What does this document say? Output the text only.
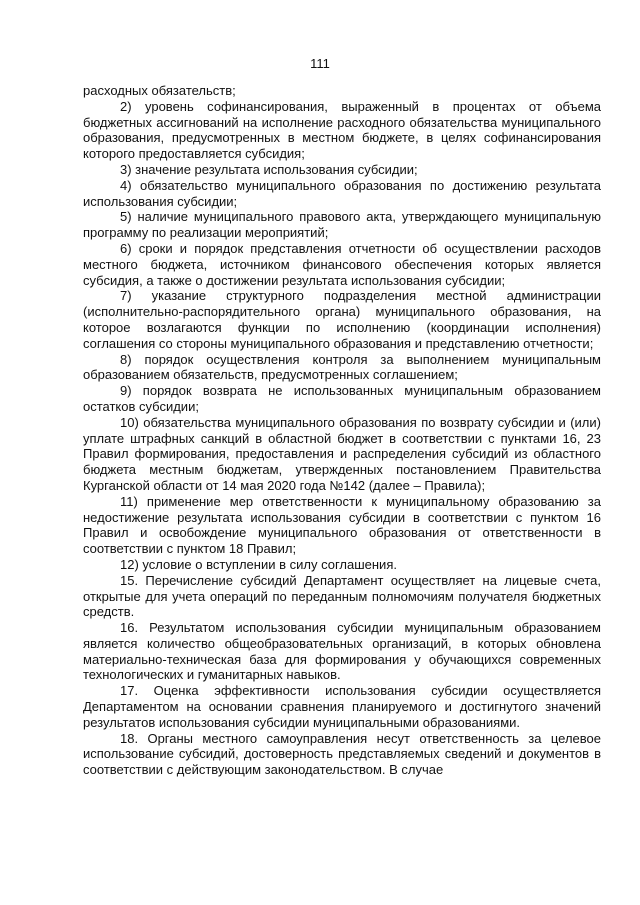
111

расходных обязательств;

2) уровень софинансирования, выраженный в процентах от объема бюджетных ассигнований на исполнение расходного обязательства муниципального образования, предусмотренных в местном бюджете, в целях софинансирования которого предоставляется субсидия;

3) значение результата использования субсидии;

4) обязательство муниципального образования по достижению результата использования субсидии;

5) наличие муниципального правового акта, утверждающего муниципальную программу по реализации мероприятий;

6) сроки и порядок представления отчетности об осуществлении расходов местного бюджета, источником финансового обеспечения которых является субсидия, а также о достижении результата использования субсидии;

7) указание структурного подразделения местной администрации (исполнительно-распорядительного органа) муниципального образования, на которое возлагаются функции по исполнению (координации исполнения) соглашения со стороны муниципального образования и представлению отчетности;

8) порядок осуществления контроля за выполнением муниципальным образованием обязательств, предусмотренных соглашением;

9) порядок возврата не использованных муниципальным образованием остатков субсидии;

10) обязательства муниципального образования по возврату субсидии и (или) уплате штрафных санкций в областной бюджет в соответствии с пунктами 16, 23 Правил формирования, предоставления и распределения субсидий из областного бюджета местным бюджетам, утвержденных постановлением Правительства Курганской области от 14 мая 2020 года №142 (далее – Правила);

11) применение мер ответственности к муниципальному образованию за недостижение результата использования субсидии в соответствии с пунктом 16 Правил и освобождение муниципального образования от ответственности в соответствии с пунктом 18 Правил;

12) условие о вступлении в силу соглашения.

15. Перечисление субсидий Департамент осуществляет на лицевые счета, открытые для учета операций по переданным полномочиям получателя бюджетных средств.

16. Результатом использования субсидии муниципальным образованием является количество общеобразовательных организаций, в которых обновлена материально-техническая база для формирования у обучающихся современных технологических и гуманитарных навыков.

17. Оценка эффективности использования субсидии осуществляется Департаментом на основании сравнения планируемого и достигнутого значений результатов использования субсидии муниципальными образованиями.

18. Органы местного самоуправления несут ответственность за целевое использование субсидий, достоверность представляемых сведений и документов в соответствии с действующим законодательством. В случае
